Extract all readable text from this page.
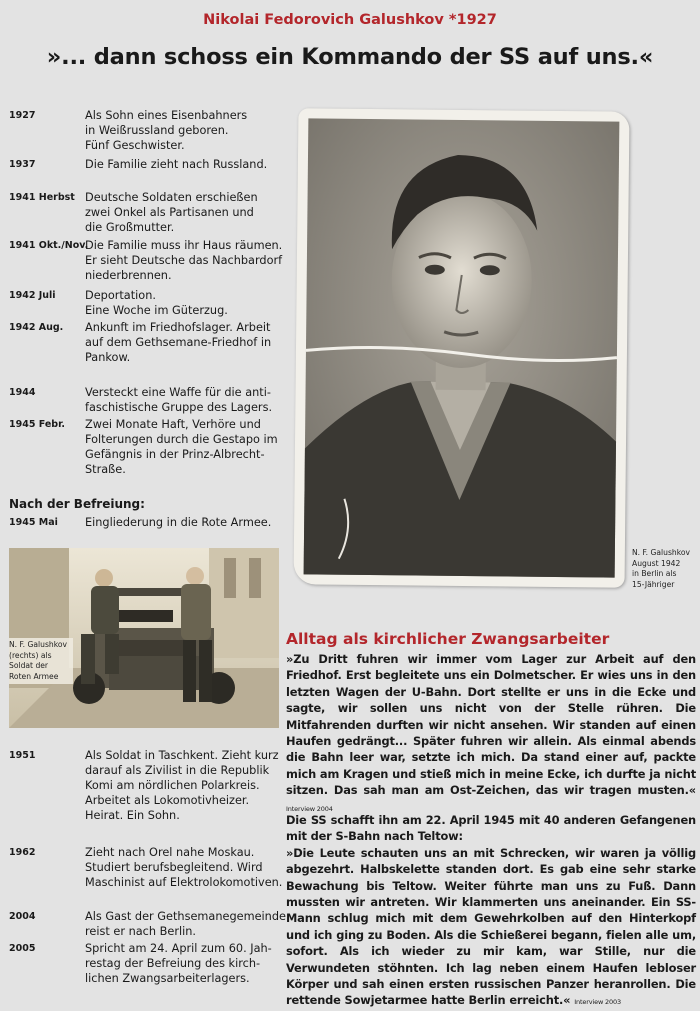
Nikolai Fedorovich Galushkov *1927
»... dann schoss ein Kommando der SS auf uns.«
1927	Als Sohn eines Eisenbahners
in Weißrussland geboren.
Fünf Geschwister.
1937	Die Familie zieht nach Russland.
1941 Herbst Deutsche Soldaten erschießen
zwei Onkel als Partisanen und
die Großmutter.
1941 Okt./Nov.
Die Familie muss ihr Haus räumen.
Er sieht Deutsche das Nachbardorf
niederbrennen.
1942 Juli	Deportation.
Eine Woche im Güterzug.
1942 Aug.	Ankunft im Friedhofslager. Arbeit
auf dem Gethsemane-Friedhof in
Pankow.
1944	Versteckt eine Waffe für die anti-
faschistische Gruppe des Lagers.
1945 Febr.	Zwei Monate Haft, Verhöre und
Folterungen durch die Gestapo im
Gefängnis in der Prinz-Albrecht-
Straße.
Nach der Befreiung:
1945 Mai	Eingliederung in die Rote Armee.
N. F. Galushkov
(rechts) als
Soldat der
Roten Armee
1951	Als Soldat in Taschkent. Zieht kurz
darauf als Zivilist in die Republik
Komi am nördlichen Polarkreis.
Arbeitet als Lokomotivheizer.
Heirat. Ein Sohn.
1962	Zieht nach Orel nahe Moskau.
Studiert berufsbegleitend. Wird
Maschinist auf Elektrolokomotiven.
2004	Als Gast der Gethsemanegemeinde
reist er nach Berlin.
2005	Spricht am 24. April zum 60. Jah-
restag der Befreiung des kirch-
lichen Zwangsarbeiterlagers.
N. F. Galushkov
August 1942
in Berlin als
15-Jähriger
Alltag als kirchlicher Zwangsarbeiter
»Zu Dritt fuhren wir immer vom Lager zur Arbeit auf den Friedhof. Erst begleitete uns ein Dolmetscher. Er wies uns in den letzten Wagen der U-Bahn. Dort stellte er uns in die Ecke und sagte, wir sollen uns nicht von der Stelle rühren. Die Mitfahrenden durften wir nicht ansehen. Wir standen auf einen Haufen gedrängt... Später fuhren wir allein. Als einmal abends die Bahn leer war, setzte ich mich. Da stand einer auf, packte mich am Kragen und stieß mich in meine Ecke, ich durfte ja nicht sitzen. Das sah man am Ost-Zeichen, das wir tragen musten.« Interview 2004
Die SS schafft ihn am 22. April 1945 mit 40 anderen Gefangenen mit der S-Bahn nach Teltow:
»Die Leute schauten uns an mit Schrecken, wir waren ja völlig abgezehrt. Halbskelette standen dort. Es gab eine sehr starke Bewachung bis Teltow. Weiter führte man uns zu Fuß. Dann mussten wir antreten. Wir klammerten uns aneinander. Ein SS-Mann schlug mich mit dem Gewehrkolben auf den Hinterkopf und ich ging zu Boden. Als die Schießerei begann, fielen alle um, sofort. Als ich wieder zu mir kam, war Stille, nur die Verwundeten stöhnten. Ich lag neben einem Haufen lebloser Körper und sah einen ersten russischen Panzer heranrollen. Die rettende Sowjetarmee hatte Berlin erreicht.« Interview 2003
